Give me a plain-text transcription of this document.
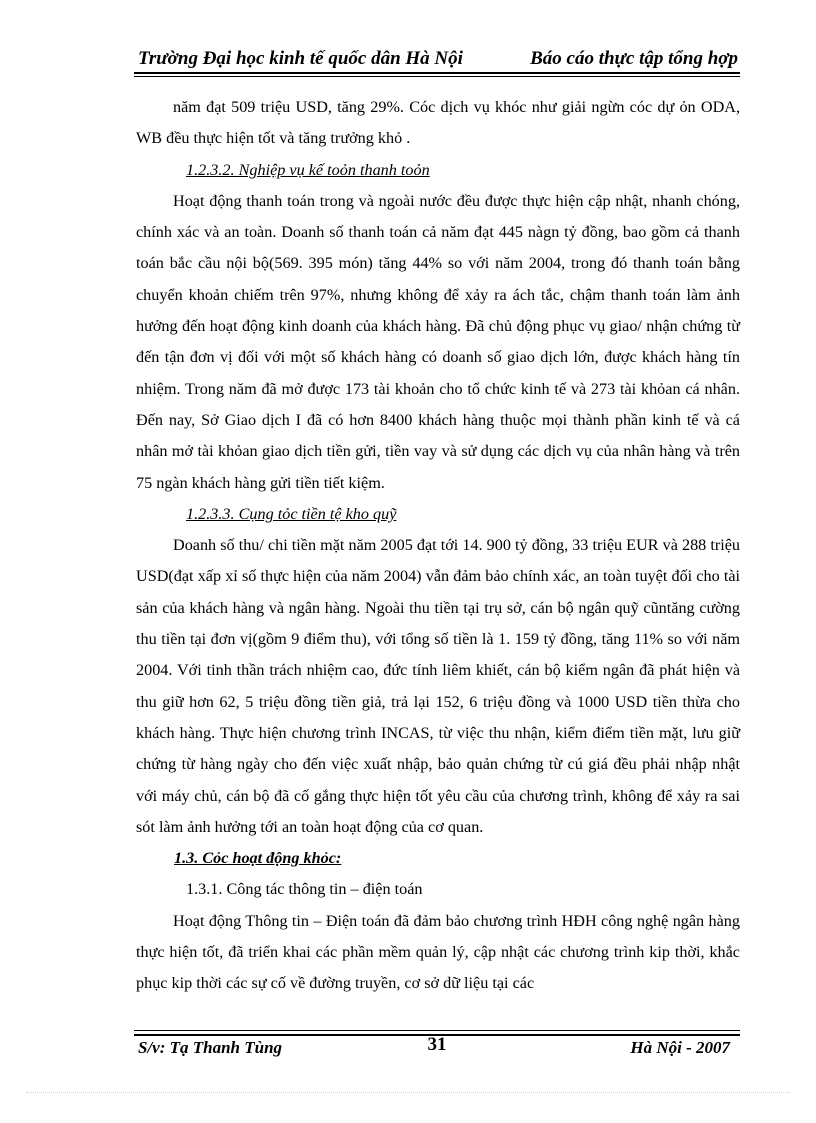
Trường Đại học kinh tế quốc dân Hà Nội	Báo cáo thực tập tổng hợp

năm đạt 509 triệu USD, tăng 29%. Cóc dịch vụ khóc như giải ngừn cóc dự ỏn ODA, WB đều thực hiện tốt và tăng trưởng khỏ .

1.2.3.2. Nghiệp vụ kế toỏn thanh toỏn

Hoạt động thanh toán trong và ngoài nước đều được thực hiện cập nhật, nhanh chóng, chính xác và an toàn. Doanh số thanh toán cả năm đạt 445 nàgn tỷ đồng, bao gồm cả thanh toán bắc cầu nội bộ(569. 395 món) tăng 44% so với năm 2004, trong đó thanh toán bằng chuyển khoản chiếm trên 97%, nhưng không để xảy ra ách tắc, chậm thanh toán làm ảnh hưởng đến hoạt động kinh doanh của khách hàng. Đã chủ động phục vụ giao/ nhận chứng từ đến tận đơn vị đối với một số khách hàng có doanh số giao dịch lớn, được khách hàng tín nhiệm. Trong năm đã mở được 173 tài khoản cho tổ chức kinh tế và 273 tài khỏan cá nhân. Đến nay, Sở Giao dịch I đã có hơn 8400 khách hàng thuộc mọi thành phần kinh tế và cá nhân mở tài khỏan giao dịch tiền gửi, tiền vay và sử dụng các dịch vụ của nhân hàng và trên 75 ngàn khách hàng gửi tiền tiết kiệm.

1.2.3.3. Cụng tỏc tiền tệ kho quỹ

Doanh số thu/ chi tiền mặt năm 2005 đạt tới 14. 900 tỷ đồng, 33 triệu EUR và 288 triệu USD(đạt xấp xỉ số thực hiện của năm 2004) vẫn đảm bảo chính xác, an toàn tuyệt đối cho tài sản của khách hàng và ngân hàng. Ngoài thu tiền tại trụ sở, cán bộ ngân quỹ cũntăng cường thu tiền tại đơn vị(gồm 9 điểm thu), với tổng số tiền là 1. 159 tỷ đồng, tăng 11% so với năm 2004. Với tinh thần trách nhiệm cao, đức tính liêm khiết, cán bộ kiểm ngân đã phát hiện và thu giữ hơn 62, 5 triệu đồng tiền giả, trả lại 152, 6 triệu đồng và 1000 USD tiền thừa cho khách hàng. Thực hiện chương trình INCAS, từ việc thu nhận, kiểm điểm tiền mặt, lưu giữ chứng từ hàng ngày cho đến việc xuất nhập, bảo quản chứng từ cú giá đều phải nhập nhật với máy chủ, cán bộ đã cố gắng thực hiện tốt yêu cầu của chương trình, không để xảy ra sai sót làm ảnh hưởng tới an toàn hoạt động của cơ quan.

1.3. Cỏc hoạt động khỏc:

1.3.1. Công tác thông tin – điện toán

Hoạt động Thông tin – Điện toán đã đảm bảo chương trình HĐH công nghệ ngân hàng thực hiện tốt, đã triển khai các phần mềm quản lý, cập nhật các chương trình kip thời, khắc phục kip thời các sự cố về đường truyền, cơ sở dữ liệu tại các

S/v: Tạ Thanh Tùng	31	Hà Nội - 2007
